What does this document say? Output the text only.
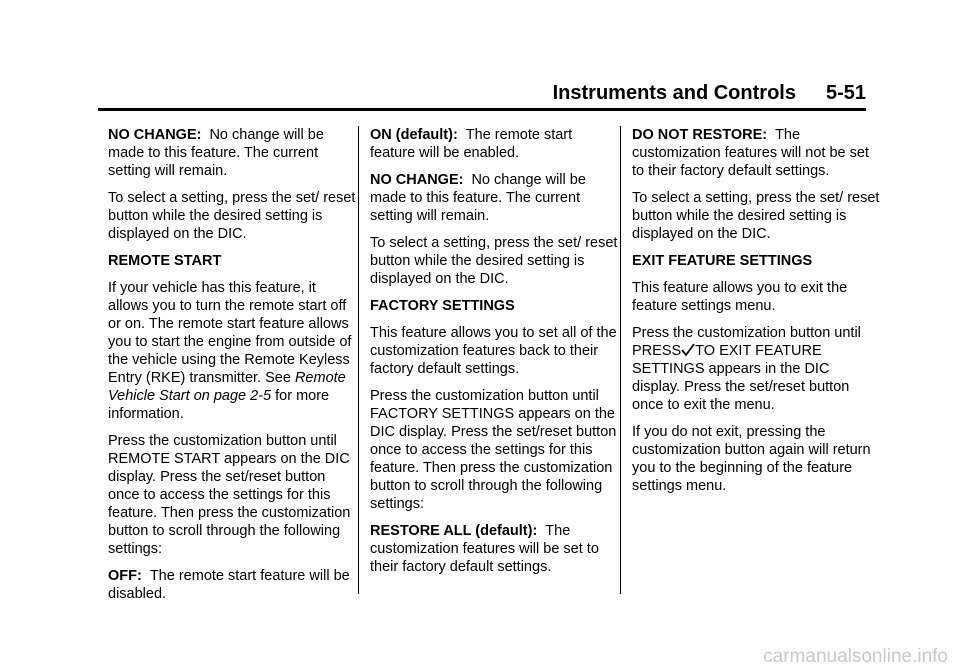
Instruments and Controls 5-51

NO CHANGE: No change will be made to this feature. The current setting will remain.

To select a setting, press the set/ reset button while the desired setting is displayed on the DIC.

REMOTE START

If your vehicle has this feature, it allows you to turn the remote start off or on. The remote start feature allows you to start the engine from outside of the vehicle using the Remote Keyless Entry (RKE) transmitter. See Remote Vehicle Start on page 2-5 for more information.

Press the customization button until REMOTE START appears on the DIC display. Press the set/reset button once to access the settings for this feature. Then press the customization button to scroll through the following settings:

OFF: The remote start feature will be disabled.

ON (default): The remote start feature will be enabled.

NO CHANGE: No change will be made to this feature. The current setting will remain.

To select a setting, press the set/ reset button while the desired setting is displayed on the DIC.

FACTORY SETTINGS

This feature allows you to set all of the customization features back to their factory default settings.

Press the customization button until FACTORY SETTINGS appears on the DIC display. Press the set/reset button once to access the settings for this feature. Then press the customization button to scroll through the following settings:

RESTORE ALL (default): The customization features will be set to their factory default settings.

DO NOT RESTORE: The customization features will not be set to their factory default settings.

To select a setting, press the set/ reset button while the desired setting is displayed on the DIC.

EXIT FEATURE SETTINGS

This feature allows you to exit the feature settings menu.

Press the customization button until PRESS TO EXIT FEATURE SETTINGS appears in the DIC display. Press the set/reset button once to exit the menu.

If you do not exit, pressing the customization button again will return you to the beginning of the feature settings menu.

carmanualsonline.info
